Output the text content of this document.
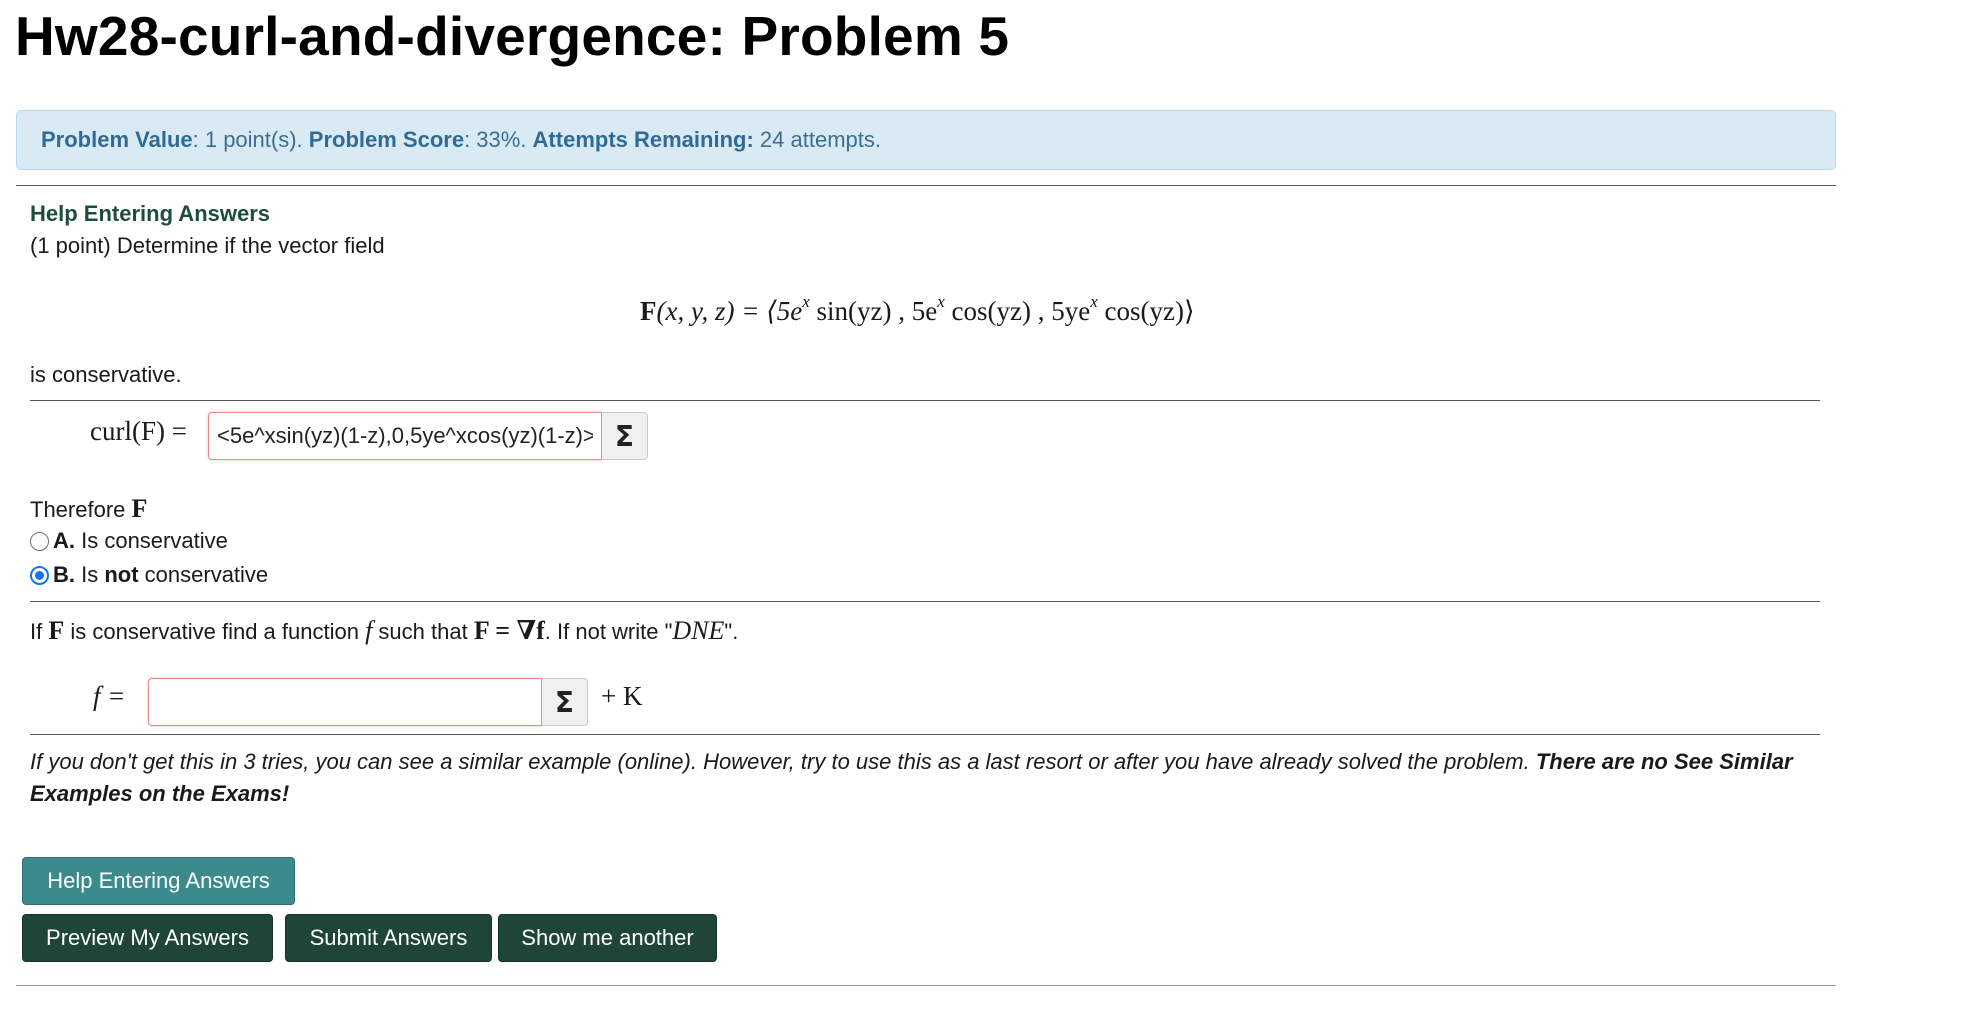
Hw28-curl-and-divergence: Problem 5
Problem Value : 1 point(s). Problem Score : 33%. Attempts Remaining: 24 attempts.
Help Entering Answers
(1 point) Determine if the vector field
F(x, y, $z) = ⟨5e^x$ sin(yz) , $5e^x$ cos(yz) , $5ye^x$ cos(yz)⟩
is conservative.
curl(F) =
<5e^xsin(yz)(1-z),0,5ye^xcos(yz)(1-z)>	Σ
Therefore F
A. Is conservative
B. Is not conservative
If F is conservative find a function f such that F = ∇f. If not write "DNE".
f =	Σ + K
If you don't get this in 3 tries, you can see a similar example (online). However, try to use this as a last resort or after you have already solved the problem. There are no See Similar Examples on the Exams!
Help Entering Answers
Preview My Answers	Submit Answers	Show me another
